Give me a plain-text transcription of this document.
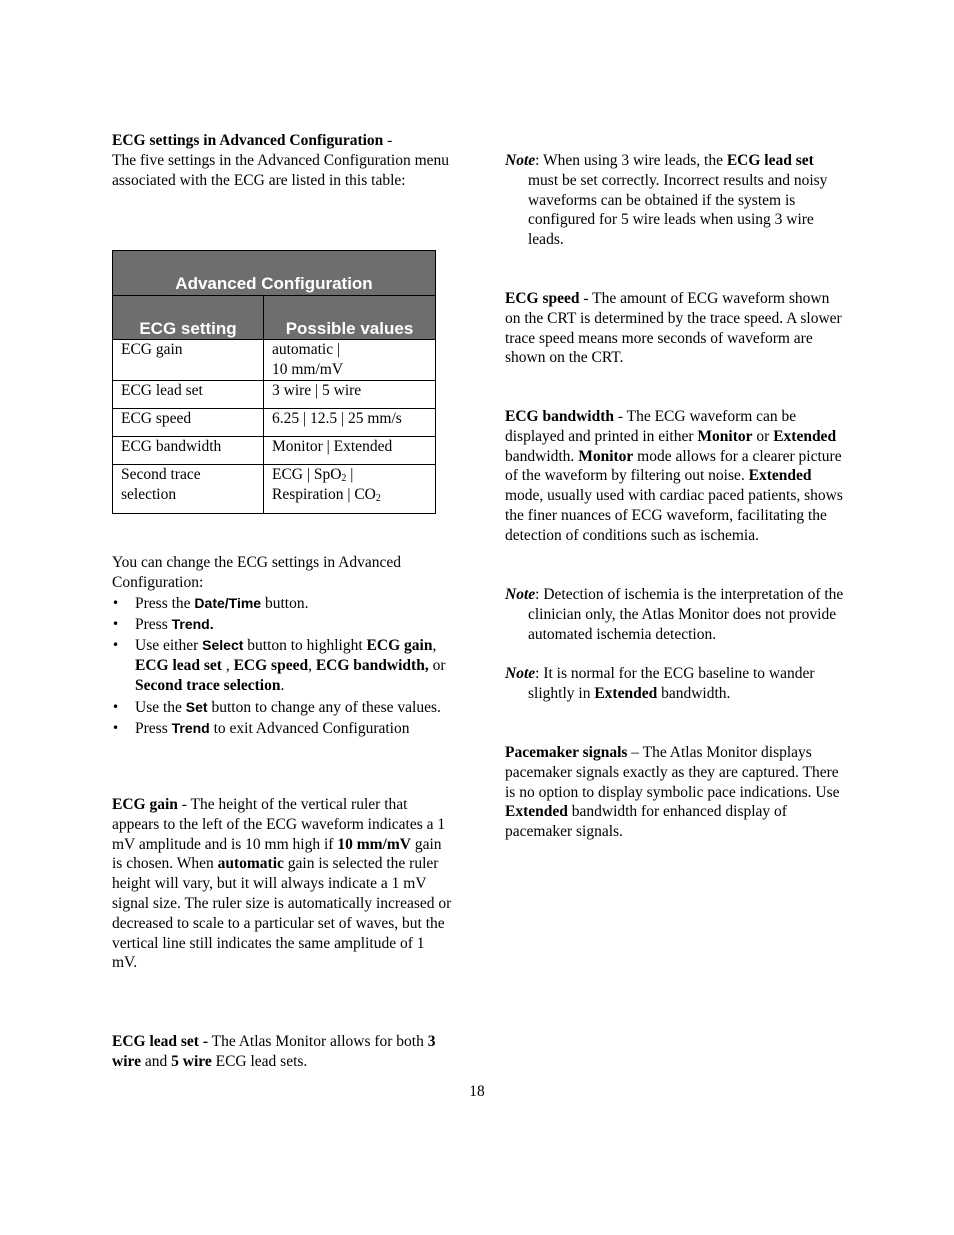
ECG settings in Advanced Configuration -
The five settings in the Advanced Configuration menu associated with the ECG are listed in this table:

Advanced Configuration	
ECG setting	Possible values
ECG gain	automatic |
10 mm/mV
ECG lead set	3 wire | 5 wire
ECG speed	6.25 | 12.5 | 25 mm/s
ECG bandwidth	Monitor | Extended
Second trace
selection	ECG | SpO$_2$ |
Respiration | $CO_2$

You can change the ECG settings in Advanced Configuration:

• Press the Date/Time button.
• Press Trend.
• Use either Select button to highlight ECG gain, ECG lead set , ECG speed, ECG bandwidth, or Second trace selection.
• Use the Set button to change any of these values.
• Press Trend to exit Advanced Configuration

ECG gain - The height of the vertical ruler that appears to the left of the ECG waveform indicates a 1 mV amplitude and is 10 mm high if 10 mm/mV gain is chosen. When automatic gain is selected the ruler height will vary, but it will always indicate a 1 mV signal size. The ruler size is automatically increased or decreased to scale to a particular set of waves, but the vertical line still indicates the same amplitude of 1 mV.

ECG lead set - The Atlas Monitor allows for both 3 wire and 5 wire ECG lead sets.

Note: When using 3 wire leads, the ECG lead set must be set correctly. Incorrect results and noisy waveforms can be obtained if the system is configured for 5 wire leads when using 3 wire leads.

ECG speed - The amount of ECG waveform shown on the CRT is determined by the trace speed. A slower trace speed means more seconds of waveform are shown on the CRT.

ECG bandwidth - The ECG waveform can be displayed and printed in either Monitor or Extended bandwidth. Monitor mode allows for a clearer picture of the waveform by filtering out noise. Extended mode, usually used with cardiac paced patients, shows the finer nuances of ECG waveform, facilitating the detection of conditions such as ischemia.

Note: Detection of ischemia is the interpretation of the clinician only, the Atlas Monitor does not provide automated ischemia detection.

Note: It is normal for the ECG baseline to wander slightly in Extended bandwidth.

Pacemaker signals – The Atlas Monitor displays pacemaker signals exactly as they are captured. There is no option to display symbolic pace indications. Use Extended bandwidth for enhanced display of pacemaker signals.

18
